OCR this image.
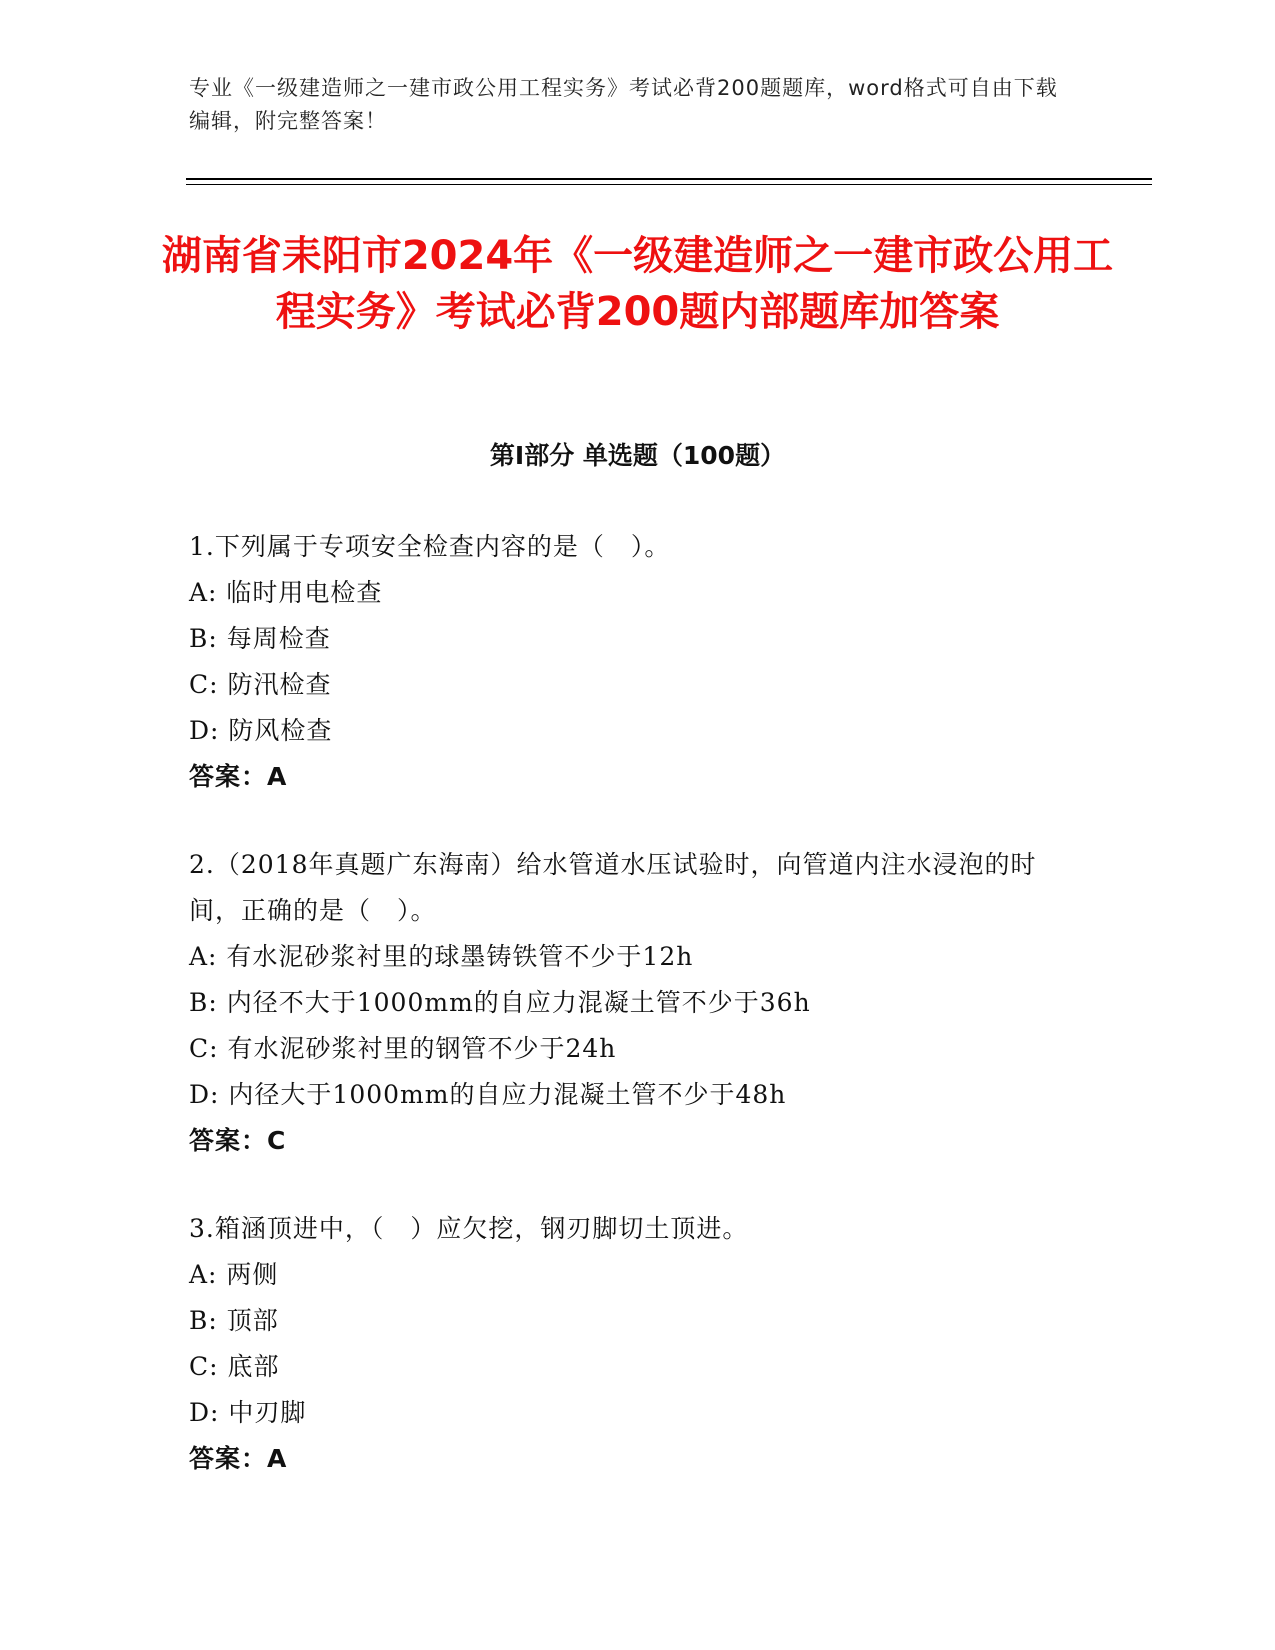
专业《一级建造师之一建市政公用工程实务》考试必背200题题库，word格式可自由下载编辑，附完整答案！
湖南省耒阳市2024年《一级建造师之一建市政公用工程实务》考试必背200题内部题库加答案
第I部分 单选题（100题）

1.下列属于专项安全检查内容的是（　）。

A: 临时用电检查

B: 每周检查

C: 防汛检查

D: 防风检查

答案：A

2.（2018年真题广东海南）给水管道水压试验时，向管道内注水浸泡的时间，正确的是（　）。

A: 有水泥砂浆衬里的球墨铸铁管不少于12h

B: 内径不大于1000mm的自应力混凝土管不少于36h

C: 有水泥砂浆衬里的钢管不少于24h

D: 内径大于1000mm的自应力混凝土管不少于48h

答案：C

3.箱涵顶进中，（　）应欠挖，钢刃脚切土顶进。

A: 两侧

B: 顶部

C: 底部

D: 中刃脚

答案：A
